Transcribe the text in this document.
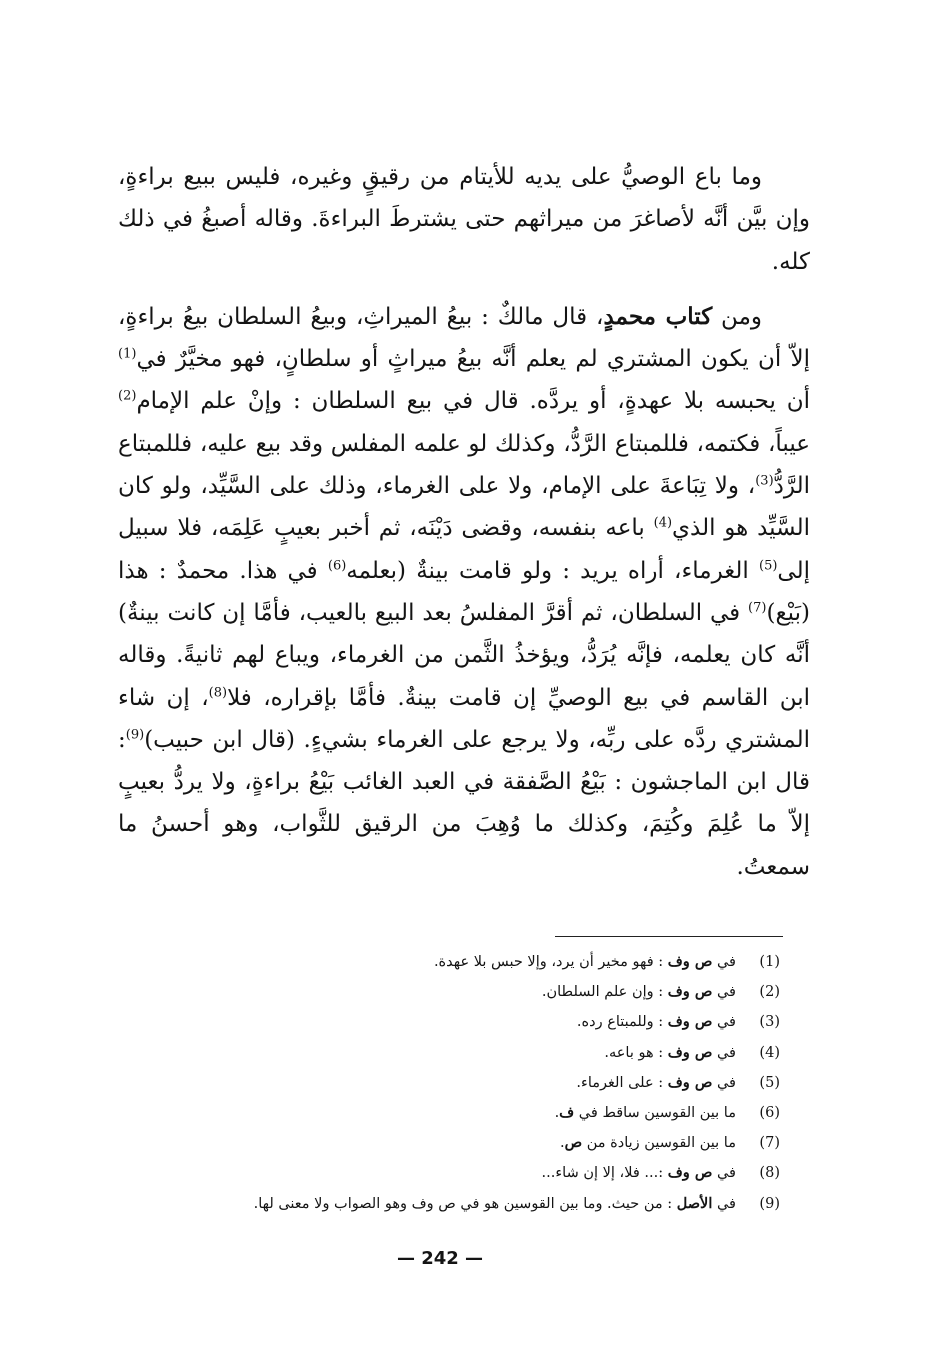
وما باع الوصيُّ على يديه للأيتام من رقيقٍ وغيره، فليس ببيع براءةٍ، وإن بيَّن أنَّه لأصاغرَ من ميراثهم حتى يشترطَ البراءةَ. وقاله أصبغُ في ذلك كله.

ومن كتاب محمدٍ، قال مالكٌ : بيعُ الميراثِ، وبيعُ السلطان بيعُ براءةٍ، إلاّ أن يكون المشتري لم يعلم أنَّه بيعُ ميراثٍ أو سلطانٍ، فهو مخيَّرٌ في$^{(1)}$ أن يحبسه بلا عهدةٍ، أو يردَّه. قال في بيع السلطان : وإنْ علم الإمام$^{(2)}$ عيباً، فكتمه، فللمبتاع الرَّدُّ، وكذلك لو علمه المفلس وقد بيع عليه، فللمبتاع الرَّدُّ$^{(3)}$، ولا تِبَاعةَ على الإمام، ولا على الغرماء، وذلك على السَّيِّد، ولو كان السَّيِّد هو الذي$^{(4)}$ باعه بنفسه، وقضى دَيْنَه، ثم أخبر بعيبٍ عَلِمَه، فلا سبيل إلى$^{(5)}$ الغرماء، أراه يريد : ولو قامت بينةٌ (بعلمه$^{(6)}$ في هذا. محمدٌ : هذا (بَيْع)$^{(7)}$ في السلطان، ثم أقرَّ المفلسُ بعد البيع بالعيب، فأمَّا إن كانت بينةٌ) أنَّه كان يعلمه، فإنَّه يُرَدُّ، ويؤخذُ الثَّمن من الغرماء، ويباع لهم ثانيةً. وقاله ابن القاسم في بيع الوصيِّ إن قامت بينةٌ. فأمَّا بإقراره، فلا$^{(8)}$، إن شاء المشتري ردَّه على ربِّه، ولا يرجع على الغرماء بشيءٍ. (قال ابن حبيب)$^{(9)}$: قال ابن الماجشون : بَيْعُ الصَّفقة في العبد الغائب بَيْعُ براءةٍ، ولا يردُّ بعيبٍ إلاّ ما عُلِمَ وكُتِمَ، وكذلك ما وُهِبَ من الرقيق للثَّواب، وهو أحسنُ ما سمعتُ.

(1)
في ص وف : فهو مخير أن يرد، وإلا حبس بلا عهدة.
(2)
في ص وف : وإن علم السلطان.
(3)
في ص وف : وللمبتاع رده.
(4)
في ص وف : هو باعه.
(5)
في ص وف : على الغرماء.
(6)
ما بين القوسين ساقط في ف.
(7)
ما بين القوسين زيادة من ص.
(8)
في ص وف :... فلا، إلا إن شاء...
(9)
في الأصل : من حيث. وما بين القوسين هو في ص وف وهو الصواب ولا معنى لها.
— 242 —
